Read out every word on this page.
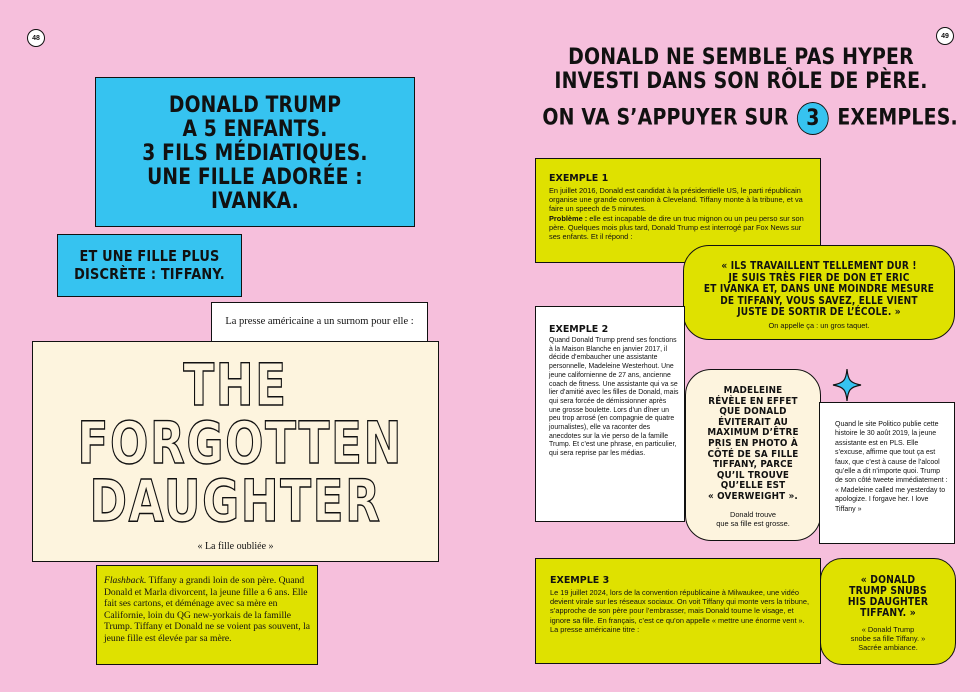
48	49
DONALD TRUMP
A 5 ENFANTS.
3 FILS MÉDIATIQUES.
UNE FILLE ADORÉE :
IVANKA.
ET UNE FILLE PLUS
DISCRÈTE : TIFFANY.
La presse américaine a un surnom pour elle :
THE
FORGOTTEN
DAUGHTER
« La fille oubliée »

Flashback. Tiffany a grandi loin de son père. Quand Donald et Marla divorcent, la jeune fille a 6 ans. Elle fait ses cartons, et déménage avec sa mère en Californie, loin du QG new-yorkais de la famille Trump. Tiffany et Donald ne se voient pas souvent, la jeune fille est élevée par sa mère.

DONALD NE SEMBLE PAS HYPER
INVESTI DANS SON RÔLE DE PÈRE.
ON VA S’APPUYER SUR 3 EXEMPLES.
EXEMPLE 1

En juillet 2016, Donald est candidat à la présidentielle US, le parti républicain organise une grande convention à Cleveland. Tiffany monte à la tribune, et va faire un speech de 5 minutes.
Problème : elle est incapable de dire un truc mignon ou un peu perso sur son père. Quelques mois plus tard, Donald Trump est interrogé par Fox News sur ses enfants. Et il répond :

« ILS TRAVAILLENT TELLEMENT DUR !
JE SUIS TRÈS FIER DE DON ET ERIC
ET IVANKA ET, DANS UNE MOINDRE MESURE
DE TIFFANY, VOUS SAVEZ, ELLE VIENT
JUSTE DE SORTIR DE L’ÉCOLE. »
On appelle ça : un gros taquet.
EXEMPLE 2

Quand Donald Trump prend ses fonctions à la Maison Blanche en janvier 2017, il décide d’embaucher une assistante personnelle, Madeleine Westerhout. Une jeune californienne de 27 ans, ancienne coach de fitness. Une assistante qui va se lier d’amitié avec les filles de Donald, mais qui sera forcée de démissionner après une grosse boulette. Lors d’un dîner un peu trop arrosé (en compagnie de quatre journalistes), elle va raconter des anecdotes sur la vie perso de la famille Trump. Et c’est une phrase, en particulier, qui sera reprise par les médias.

MADELEINE
RÉVÈLE EN EFFET
QUE DONALD
ÉVITERAIT AU
MAXIMUM D’ÊTRE
PRIS EN PHOTO À
CÔTÉ DE SA FILLE
TIFFANY, PARCE
QU’IL TROUVE
QU’ELLE EST
« OVERWEIGHT ».
Donald trouve
que sa fille est grosse.

Quand le site Politico publie cette histoire le 30 août 2019, la jeune assistante est en PLS. Elle s’excuse, affirme que tout ça est faux, que c’est à cause de l’alcool qu’elle a dit n’importe quoi. Trump de son côté tweete immédiatement : « Madeleine called me yesterday to apologize. I forgave her. I love Tiffany »

EXEMPLE 3

Le 19 juillet 2024, lors de la convention républicaine à Milwaukee, une vidéo devient virale sur les réseaux sociaux. On voit Tiffany qui monte vers la tribune, s’approche de son père pour l’embrasser, mais Donald tourne le visage, et ignore sa fille. En français, c’est ce qu’on appelle « mettre une énorme vent ». La presse américaine titre :

« DONALD
TRUMP SNUBS
HIS DAUGHTER
TIFFANY. »
« Donald Trump
snobe sa fille Tiffany. »
Sacrée ambiance.
